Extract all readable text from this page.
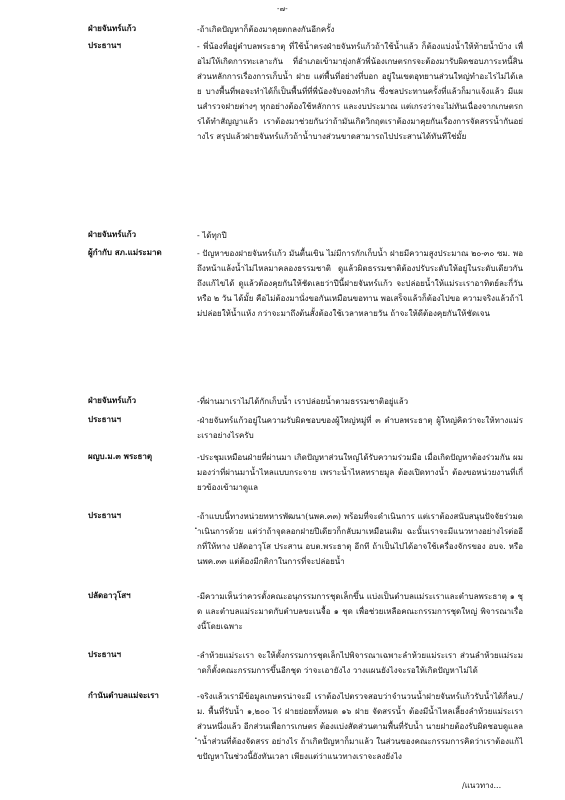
-๗-
ฝ่ายจันทร์แก้ว	-ถ้าเกิดปัญหาก็ต้องมาคุยตกลงกันอีกครั้ง
ประธานฯ	- พี่น้องที่อยู่ตำบลพระธาตุ ที่ใช้น้ำตรงฝ่ายจันทร์แก้วถ้าใช้น้ำแล้ว ก็ต้องแบ่งน้ำให้ท้ายน้ำบ้าง เพื่อไม่ให้เกิดการทะเลาะกัน ที่อำเภอเข้ามายุ่งกลัวพี่น้องเกษตรกรจะต้องมารับผิดชอบภาระหนี้สิน ส่วนหลักการเรื่องการเก็บน้ำ ฝาย แต่พื้นที่อย่างที่บอก อยู่ในเขตอุทยานส่วนใหญ่ทำอะไรไม่ได้เลย บางพื้นที่พอจะทำได้ก็เป็นพื้นที่ที่พี่น้องจับจองทำกิน ซึ่งชลประทานครั้งที่แล้วก็มาแจ้งแล้ว มีแผนสำรวจฝายต่างๆ ทุกอย่างต้องใช้หลักการ และงบประมาณ แต่เกรงว่าจะไม่ทันเนื่องจากเกษตรกรได้ทำสัญญาแล้ว เราต้องมาช่วยกันว่าถ้ามันเกิดวิกฤตเราต้องมาคุยกันเรื่องการจัดสรรน้ำกันอย่างไร สรุปแล้วฝายจันทร์แก้วถ้าน้ำบางส่วนขาดสามารถไปประสานได้ทันทีใช่มั้ย
ฝ่ายจันทร์แก้ว	- ได้ทุกปี
ผู้กำกับ สภ.แม่ระมาด	- ปัญหาของฝายจันทร์แก้ว มันตื้นเขิน ไม่มีการกักเก็บน้ำ ฝายมีความสูงประมาณ ๒๐-๓๐ ซม. พอถึงหน้าแล้งน้ำไม่ไหลมาคลองธรรมชาติ ดูแล้วผิดธรรมชาติต้องปรับระดับให้อยู่ในระดับเดียวกันถึงแก้ไขได้ ดูแล้วต้องคุยกันให้ชัดเลยว่าปีนี้ฝายจันทร์แก้ว จะปล่อยน้ำให้แม่ระเราอาทิตย์ละกี่วัน หรือ ๒ วัน ได้มั้ย คือไม่ต้องมานั่งขอกันเหมือนขอทาน พอเสร็จแล้วก็ต้องไปขอ ความจริงแล้วถ้าไม่ปล่อยให้น้ำแห้ง กว่าจะมาถึงต้นสั้งต้องใช้เวลาหลายวัน ถ้าจะให้ดีต้องคุยกันให้ชัดเจน
ฝ่ายจันทร์แก้ว	-ที่ผ่านมาเราไม่ได้กักเก็บน้ำ เราปล่อยน้ำตามธรรมชาติอยู่แล้ว
ประธานฯ	-ฝ่ายจันทร์แก้วอยู่ในความรับผิดชอบของผู้ใหญ่หมู่ที่ ๓ ตำบลพระธาตุ ผู้ใหญ่คิดว่าจะให้ทางแม่ระเราอย่างไรครับ
ผญบ.ม.๓ พระธาตุ	-ประชุมเหมือนฝ่ายที่ผ่านมา เกิดปัญหาส่วนใหญ่ได้รับความร่วมมือ เมื่อเกิดปัญหาต้องร่วมกัน ผมมองว่าที่ผ่านมาน้ำไหลแบบกระจาย เพราะน้ำไหลทรายมูล ต้องเปิดทางน้ำ ต้องขอหน่วยงานที่เกี่ยวข้องเข้ามาดูแล
ประธานฯ	-ถ้าแบบนี้ทางหน่วยทหารพัฒนา(นพค.๓๓) พร้อมที่จะดำเนินการ แต่เราต้องสนับสนุนปัจจัยร่วมดำเนินการด้วย แต่ว่าถ้าจุดลอกฝายปีเดียวก็กลับมาเหมือนเดิม ฉะนั้นเราจะมีแนวทางอย่างไรต่ออีกที่ให้ทาง ปลัดอาวุโส ประสาน อบต.พระธาตุ อีกที ถ้าเป็นไปได้อาจใช้เครื่องจักรของ อบจ. หรือ นพค.๓๓ แต่ต้องมีกติกาในการที่จะปล่อยน้ำ
ปลัดอาวุโสฯ	-มีความเห็นว่าควรตั้งคณะอนุกรรมการชุดเล็กขึ้น แบ่งเป็นตำบลแม่ระเราและตำบลพระธาตุ ๑ ชุด และตำบลแม่ระมาดกับตำบลขะเนจื้อ ๑ ชุด เพื่อช่วยเหลือคณะกรรมการชุดใหญ่ พิจารณาเรื่องนี้โดยเฉพาะ
ประธานฯ	-ลำห้วยแม่ระเรา จะให้ตั้งกรรมการชุดเล็กไปพิจารณาเฉพาะลำห้วยแม่ระเรา ส่วนลำห้วยแม่ระมาดก็ตั้งคณะกรรมการขึ้นอีกชุด ว่าจะเอายังไง วางแผนยังไงจะรอให้เกิดปัญหาไม่ได้
กำนันตำบลแม่จะเรา	-จริงแล้วเรามีข้อมูลเกษตรน่าจะมี เราต้องไปตรวจสอบว่าจำนวนน้ำฝายจันทร์แก้วรับน้ำได้กี่ลบ./ม. พื้นที่รับน้ำ ๑,๒๐๐ ไร่ ฝายย่อยทั้งหมด ๑๖ ฝาย จัดสรรน้ำ ต้องมีน้ำไหลเลี้ยงลำห้วยแม่ระเรา ส่วนหนึ่งแล้ว อีกส่วนเพื่อการเกษตร ต้องแบ่งสัดส่วนตามพื้นที่รับน้ำ นายฝายต้องรับผิดชอบดูแลลำน้ำส่วนที่ต้องจัดสรร อย่างไร ถ้าเกิดปัญหาก็มาแล้ว ในส่วนของคณะกรรมการคิดว่าเราต้องแก้ไขปัญหาในช่วงนี้ยังทันเวลา เพียงแต่ว่าแนวทางเราจะลงยังไง
/แนวทาง...
